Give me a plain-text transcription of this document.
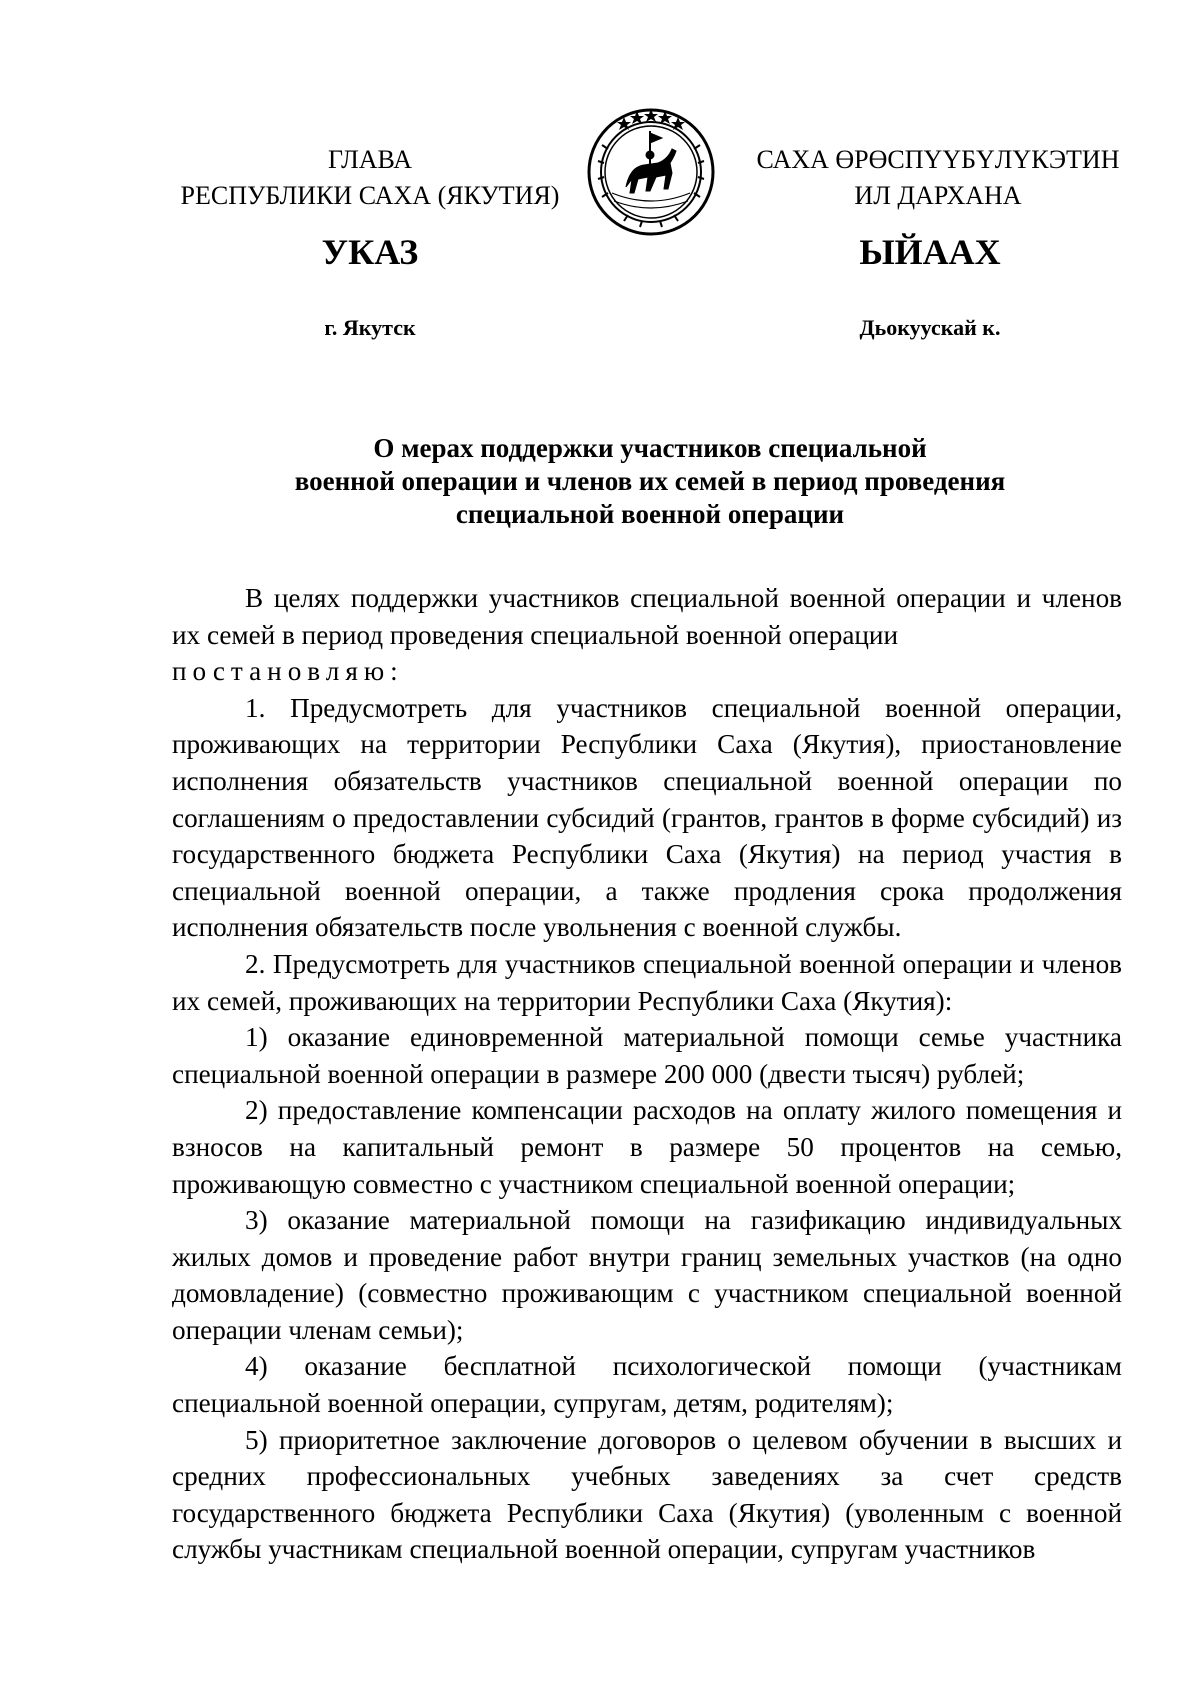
ГЛАВА
РЕСПУБЛИКИ САХА (ЯКУТИЯ)
САХА ӨРӨСПҮҮБҮЛҮКЭТИН
ИЛ ДАРХАНА
УКАЗ	ЫЙААХ
г. Якутск	Дьокуускай к.
О мерах поддержки участников специальной
военной операции и членов их семей в период проведения
специальной военной операции

В целях поддержки участников специальной военной операции и членов их семей в период проведения специальной военной операции

постановляю:

1. Предусмотреть для участников специальной военной операции, проживающих на территории Республики Саха (Якутия), приостановление исполнения обязательств участников специальной военной операции по соглашениям о предоставлении субсидий (грантов, грантов в форме субсидий) из государственного бюджета Республики Саха (Якутия) на период участия в специальной военной операции, а также продления срока продолжения исполнения обязательств после увольнения с военной службы.

2. Предусмотреть для участников специальной военной операции и членов их семей, проживающих на территории Республики Саха (Якутия):

1) оказание единовременной материальной помощи семье участника специальной военной операции в размере 200 000 (двести тысяч) рублей;

2) предоставление компенсации расходов на оплату жилого помещения и взносов на капитальный ремонт в размере 50 процентов на семью, проживающую совместно с участником специальной военной операции;

3) оказание материальной помощи на газификацию индивидуальных жилых домов и проведение работ внутри границ земельных участков (на одно домовладение) (совместно проживающим с участником специальной военной операции членам семьи);

4) оказание бесплатной психологической помощи (участникам специальной военной операции, супругам, детям, родителям);

5) приоритетное заключение договоров о целевом обучении в высших и средних профессиональных учебных заведениях за счет средств государственного бюджета Республики Саха (Якутия) (уволенным с военной службы участникам специальной военной операции, супругам участников
